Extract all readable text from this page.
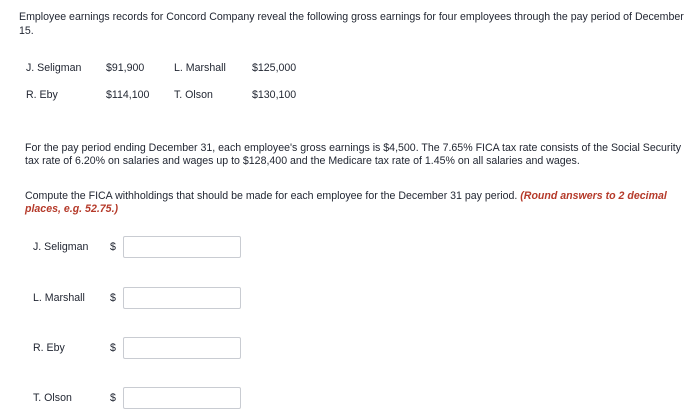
Employee earnings records for Concord Company reveal the following gross earnings for four employees through the pay period of December 15.
J. Seligman $91,900	L. Marshall $125,000
R. Eby	$114,100 T. Olson	$130,100
For the pay period ending December 31, each employee's gross earnings is $4,500. The 7.65% FICA tax rate consists of the Social Security tax rate of 6.20% on salaries and wages up to $128,400 and the Medicare tax rate of 1.45% on all salaries and wages.
Compute the FICA withholdings that should be made for each employee for the December 31 pay period. (Round answers to 2 decimal places, e.g. 52.75.)
J. Seligman $
L. Marshall $
R. Eby	$
T. Olson	$
